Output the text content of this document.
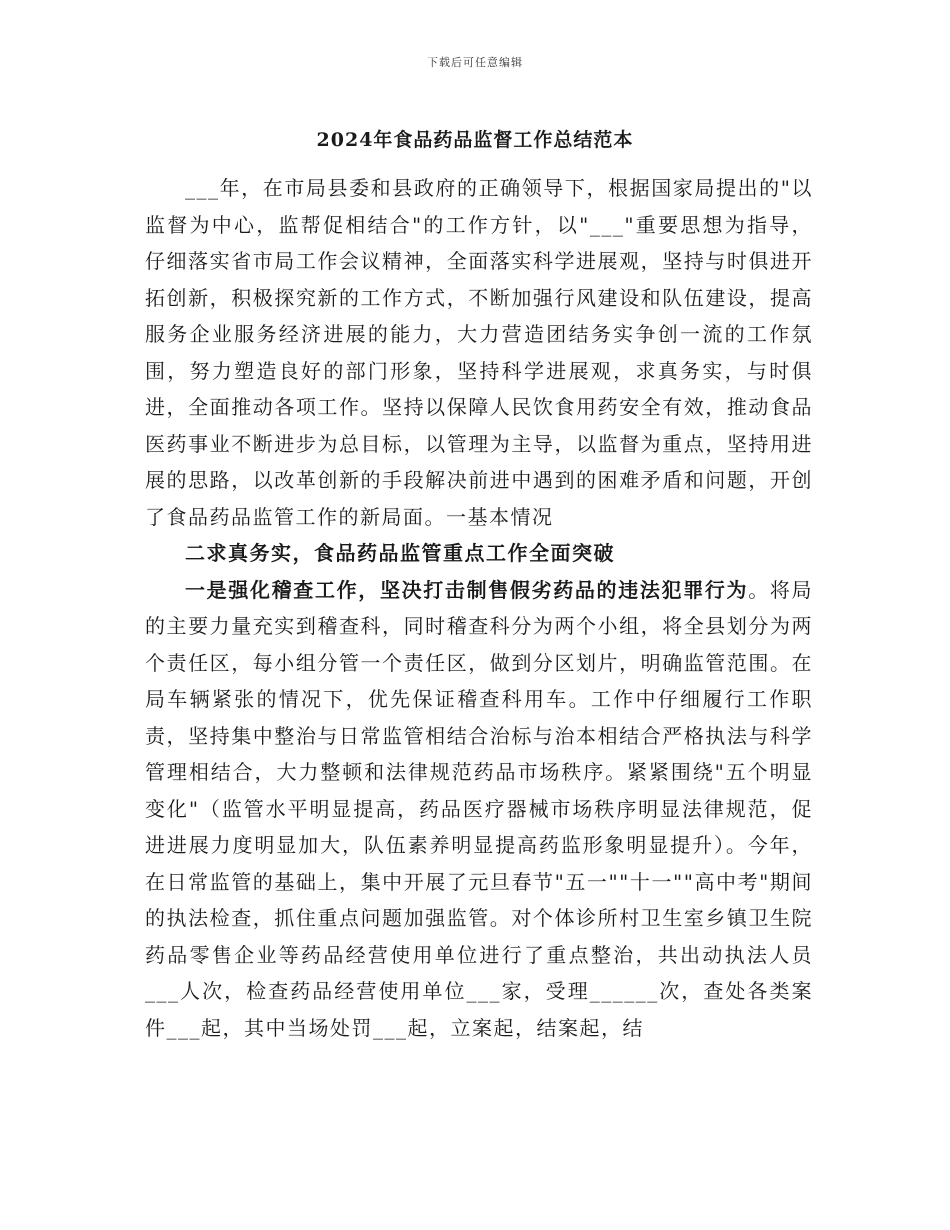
下载后可任意编辑
2024年食品药品监督工作总结范本

___年，在市局县委和县政府的正确领导下，根据国家局提出的"以监督为中心，监帮促相结合"的工作方针，以"___"重要思想为指导，仔细落实省市局工作会议精神，全面落实科学进展观，坚持与时俱进开拓创新，积极探究新的工作方式，不断加强行风建设和队伍建设，提高服务企业服务经济进展的能力，大力营造团结务实争创一流的工作氛围，努力塑造良好的部门形象，坚持科学进展观，求真务实，与时俱进，全面推动各项工作。坚持以保障人民饮食用药安全有效，推动食品医药事业不断进步为总目标，以管理为主导，以监督为重点，坚持用进展的思路，以改革创新的手段解决前进中遇到的困难矛盾和问题，开创了食品药品监管工作的新局面。一基本情况

二求真务实，食品药品监管重点工作全面突破

一是强化稽查工作，坚决打击制售假劣药品的违法犯罪行为。将局的主要力量充实到稽查科，同时稽查科分为两个小组，将全县划分为两个责任区，每小组分管一个责任区，做到分区划片，明确监管范围。在局车辆紧张的情况下，优先保证稽查科用车。工作中仔细履行工作职责，坚持集中整治与日常监管相结合治标与治本相结合严格执法与科学管理相结合，大力整顿和法律规范药品市场秩序。紧紧围绕"五个明显变化"（监管水平明显提高，药品医疗器械市场秩序明显法律规范，促进进展力度明显加大，队伍素养明显提高药监形象明显提升）。今年，在日常监管的基础上，集中开展了元旦春节"五一""十一""高中考"期间的执法检查，抓住重点问题加强监管。对个体诊所村卫生室乡镇卫生院药品零售企业等药品经营使用单位进行了重点整治，共出动执法人员___人次，检查药品经营使用单位___家，受理______次，查处各类案件___起，其中当场处罚___起，立案起，结案起，结
